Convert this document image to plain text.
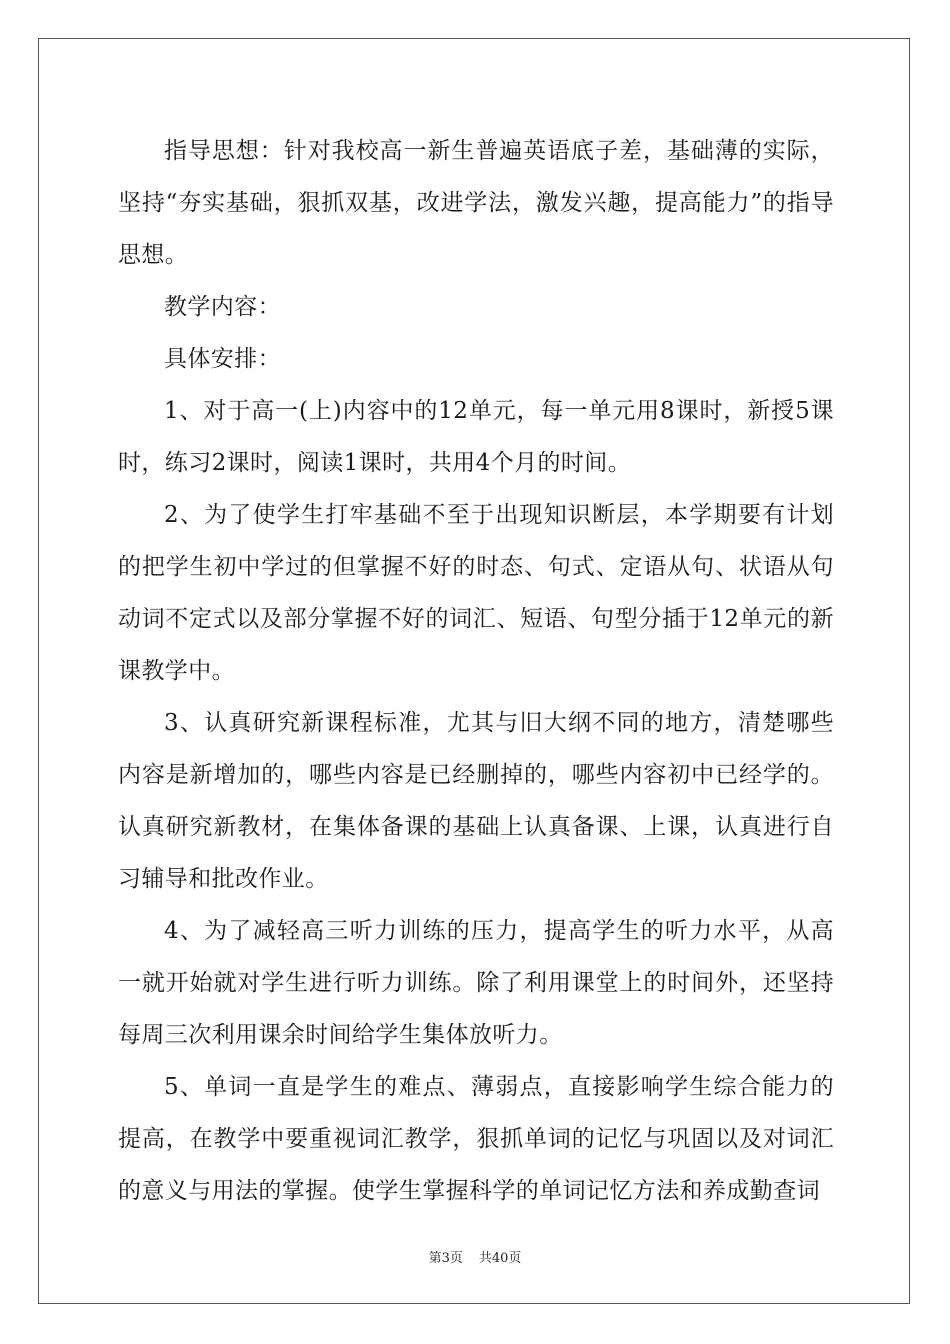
指导思想：针对我校高一新生普遍英语底子差，基础薄的实际，坚持“夯实基础，狠抓双基，改进学法，激发兴趣，提高能力”的指导思想。

教学内容：

具体安排：

1、对于高一(上)内容中的12单元，每一单元用8课时，新授5课时，练习2课时，阅读1课时，共用4个月的时间。

2、为了使学生打牢基础不至于出现知识断层，本学期要有计划的把学生初中学过的但掌握不好的时态、句式、定语从句、状语从句动词不定式以及部分掌握不好的词汇、短语、句型分插于12单元的新课教学中。

3、认真研究新课程标准，尤其与旧大纲不同的地方，清楚哪些内容是新增加的，哪些内容是已经删掉的，哪些内容初中已经学的。认真研究新教材，在集体备课的基础上认真备课、上课，认真进行自习辅导和批改作业。

4、为了减轻高三听力训练的压力，提高学生的听力水平，从高一就开始就对学生进行听力训练。除了利用课堂上的时间外，还坚持每周三次利用课余时间给学生集体放听力。

5、单词一直是学生的难点、薄弱点，直接影响学生综合能力的提高，在教学中要重视词汇教学，狠抓单词的记忆与巩固以及对词汇的意义与用法的掌握。使学生掌握科学的单词记忆方法和养成勤查词

第3页 共40页
